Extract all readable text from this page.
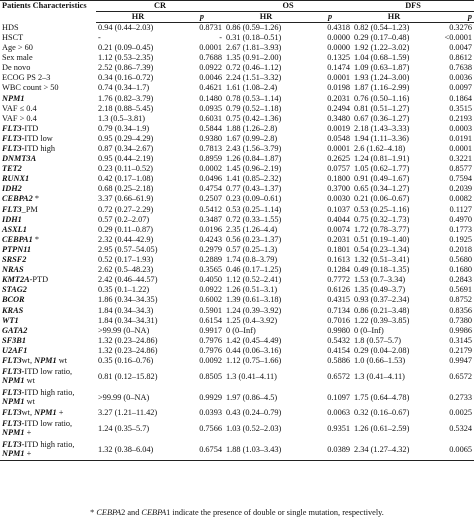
Patients Characteristics	CR		OS		DFS	
	HR	p	HR	p	HR	p
HDS	0.94 (0.44–2.03)	0.8731	0.86 (0.59–1.26)	0.4318	0.82 (0.54–1.23)	0.3276
HSCT	-	-	0.31 (0.18–0.51)	0.0000	0.29 (0.17–0.48)	<0.0001
Age > 60	0.21 (0.09–0.45)	0.0001	2.67 (1.81–3.93)	0.0000	1.92 (1.22–3.02)	0.0047
Sex male	1.12 (0.53–2.35)	0.7688	1.35 (0.91–2.00)	0.1325	1.04 (0.68–1.59)	0.8612
De novo	2.52 (0.86–7.39)	0.0922	0.72 (0.46–1.12)	0.1474	1.09 (0.63–1.87)	0.7638
ECOG PS 2–3	0.34 (0.16–0.72)	0.0046	2.24 (1.51–3.32)	0.0001	1.93 (1.24–3.00)	0.0036
WBC count > 50	0.74 (0.34–1.7)	0.4621	1.61 (1.08–2.4)	0.0198	1.87 (1.16–2.99)	0.0097
NPM1	1.76 (0.82–3.79)	0.1480	0.78 (0.53–1.14)	0.2031	0.76 (0.50–1.16)	0.1864
VAF ≤ 0.4	2.18 (0.88–5.45)	0.0935	0.79 (0.52–1.18)	0.2494	0.81 (0.51–1.27)	0.3515
VAF > 0.4	1.3 (0.5–3.81)	0.6031	0.75 (0.42–1.36)	0.3480	0.67 (0.36–1.27)	0.2193
FLT3-ITD	0.79 (0.34–1.9)	0.5844	1.88 (1.26–2.8)	0.0019	2.18 (1.43–3.33)	0.0003
FLT3-ITD low	0.95 (0.29–4.29)	0.9380	1.67 (0.99–2.8)	0.0548	1.94 (1.11–3.36)	0.0191
FLT3-ITD high	0.87 (0.34–2.67)	0.7813	2.43 (1.56–3.79)	0.0001	2.6 (1.62–4.18)	0.0001
DNMT3A	0.95 (0.44–2.19)	0.8959	1.26 (0.84–1.87)	0.2625	1.24 (0.81–1.91)	0.3221
TET2	0.23 (0.11–0.52)	0.0002	1.45 (0.96–2.19)	0.0757	1.05 (0.62–1.77)	0.8577
RUNX1	0.42 (0.17–1.08)	0.0496	1.41 (0.85–2.32)	0.1800	0.91 (0.49–1.67)	0.7594
IDH2	0.68 (0.25–2.18)	0.4754	0.77 (0.43–1.37)	0.3700	0.65 (0.34–1.27)	0.2039
CEBPA2 *	3.37 (0.66–61.9)	0.2507	0.23 (0.09–0.61)	0.0030	0.21 (0.06–0.67)	0.0082
FLT3_PM	0.72 (0.27–2.29)	0.5412	0.53 (0.25–1.14)	0.1037	0.53 (0.25–1.16)	0.1127
IDH1	0.57 (0.2–2.07)	0.3487	0.72 (0.33–1.55)	0.4044	0.75 (0.32–1.73)	0.4970
ASXL1	0.29 (0.11–0.87)	0.0196	2.35 (1.26–4.4)	0.0074	1.72 (0.78–3.77)	0.1773
CEBPA1 *	2.32 (0.44–42.9)	0.4243	0.56 (0.23–1.37)	0.2031	0.51 (0.19–1.40)	0.1925
PTPN11	2.95 (0.57–54.05)	0.2979	0.57 (0.25–1.3)	0.1801	0.54 (0.23–1.34)	0.2018
SRSF2	0.52 (0.17–1.93)	0.2889	1.74 (0.8–3.79)	0.1613	1.32 (0.51–3.41)	0.5680
NRAS	2.62 (0.5–48.23)	0.3565	0.46 (0.17–1.25)	0.1284	0.49 (0.18–1.35)	0.1680
KMT2A-PTD	2.42 (0.46–44.57)	0.4050	1.12 (0.52–2.41)	0.7772	1.53 (0.7–3.34)	0.2843
STAG2	0.35 (0.1–1.22)	0.0922	1.26 (0.51–3.1)	0.6126	1.35 (0.49–3.7)	0.5691
BCOR	1.86 (0.34–34.35)	0.6002	1.39 (0.61–3.18)	0.4315	0.93 (0.37–2.34)	0.8752
KRAS	1.84 (0.34–34.3)	0.5901	1.24 (0.39–3.92)	0.7134	0.86 (0.21–3.48)	0.8356
WT1	1.84 (0.34–34.31)	0.6154	1.25 (0.4–3.92)	0.7016	1.22 (0.39–3.85)	0.7380
GATA2	>99.99 (0–NA)	0.9917	0 (0–Inf)	0.9980	0 (0–Inf)	0.9986
SF3B1	1.32 (0.23–24.86)	0.7976	1.42 (0.45–4.49)	0.5432	1.8 (0.57–5.7)	0.3145
U2AF1	1.32 (0.23–24.86)	0.7976	0.44 (0.06–3.16)	0.4154	0.29 (0.04–2.08)	0.2179
FLT3wt, NPM1 wt	0.35 (0.16–0.76)	0.0092	1.12 (0.75–1.66)	0.5886	1.0 (0.66–1.53)	0.9947
FLT3-ITD low ratio, NPM1 wt	0.81 (0.12–15.82)	0.8505	1.3 (0.41–4.11)	0.6572	1.3 (0.41–4.11)	0.6572
FLT3-ITD high ratio, NPM1 wt	>99.99 (0–NA)	0.9929	1.97 (0.86–4.5)	0.1097	1.75 (0.64–4.78)	0.2733
FLT3wt, NPM1 +	3.27 (1.21–11.42)	0.0393	0.43 (0.24–0.79)	0.0063	0.32 (0.16–0.67)	0.0025
FLT3-ITD low ratio, NPM1 +	1.24 (0.35–5.7)	0.7566	1.03 (0.52–2.03)	0.9351	1.26 (0.61–2.59)	0.5324
FLT3-ITD high ratio, NPM1 +	1.32 (0.38–6.04)	0.6754	1.88 (1.03–3.43)	0.0389	2.34 (1.27–4.32)	0.0065
* CEBPA2 and CEBPA1 indicate the presence of double or single mutation, respectively.
